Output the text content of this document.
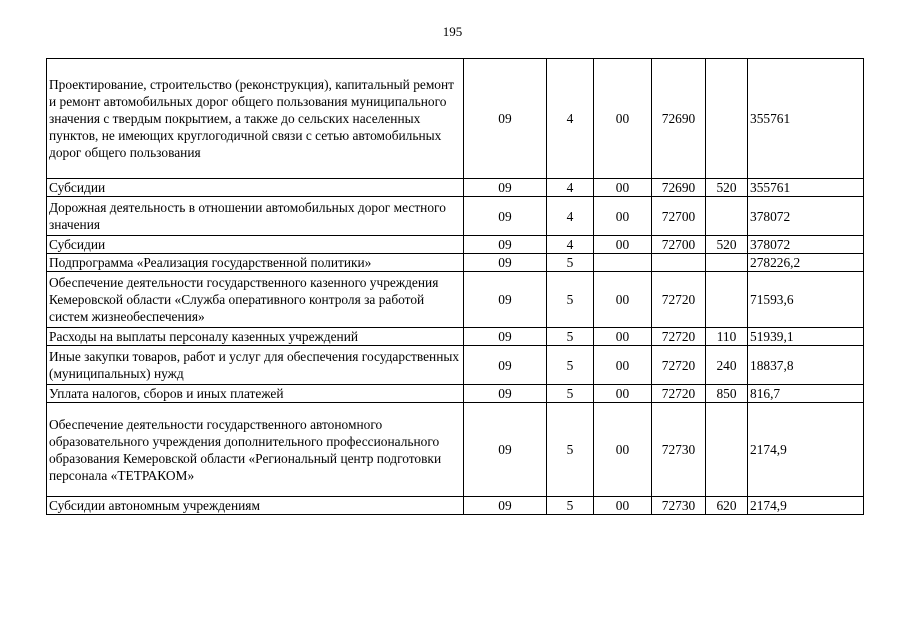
195
Проектирование, строительство (реконструкция), капитальный ремонт и ремонт автомобильных дорог общего пользования муниципального значения с твердым покрытием, а также до сельских населенных пунктов, не имеющих круглогодичной связи с сетью автомобильных дорог общего пользования	09	4	00	72690		355761
Субсидии	09	4	00	72690	520	355761
Дорожная деятельность в отношении автомобильных дорог местного значения	09	4	00	72700		378072
Субсидии	09	4	00	72700	520	378072
Подпрограмма «Реализация государственной политики»	09	5				278226,2
Обеспечение деятельности государственного казенного учреждения Кемеровской области «Служба оперативного контроля за работой систем жизнеобеспечения»	09	5	00	72720		71593,6
Расходы на выплаты персоналу казенных учреждений	09	5	00	72720	110	51939,1
Иные закупки товаров, работ и услуг для обеспечения государственных (муниципальных) нужд	09	5	00	72720	240	18837,8
Уплата налогов, сборов и иных платежей	09	5	00	72720	850	816,7
Обеспечение деятельности государственного автономного образовательного учреждения дополнительного профессионального образования Кемеровской области «Региональный центр подготовки персонала «ТЕТРАКОМ»	09	5	00	72730		2174,9
Субсидии автономным учреждениям	09	5	00	72730	620	2174,9
